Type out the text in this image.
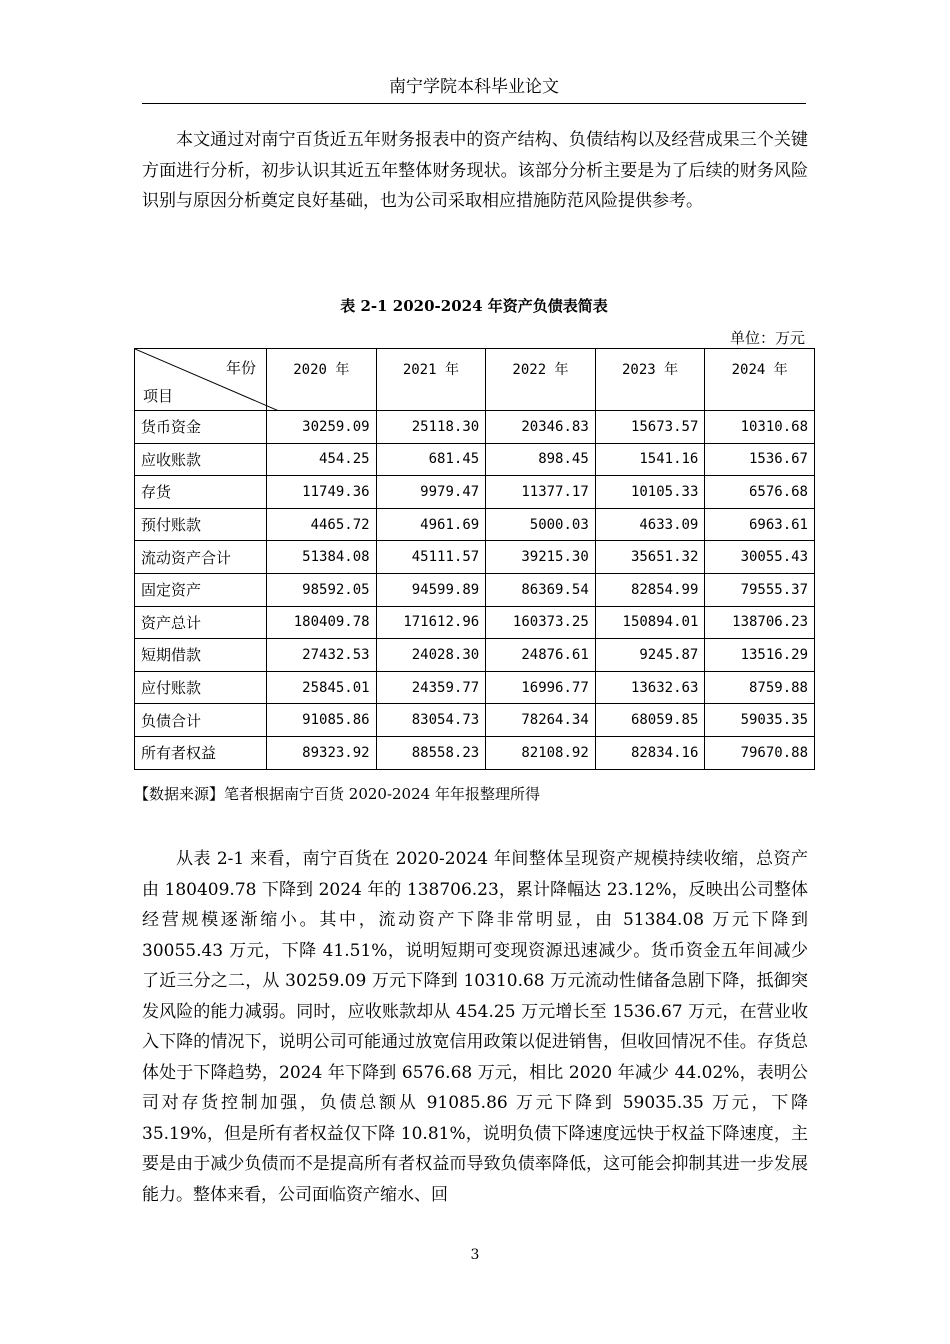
南宁学院本科毕业论文

本文通过对南宁百货近五年财务报表中的资产结构、负债结构以及经营成果三个关键方面进行分析，初步认识其近五年整体财务现状。该部分分析主要是为了后续的财务风险识别与原因分析奠定良好基础，也为公司采取相应措施防范风险提供参考。

表 2-1 2020-2024 年资产负债表简表
单位：万元
年份
项目	2020 年	2021 年	2022 年	2023 年	2024 年
货币资金	30259.09	25118.30	20346.83	15673.57	10310.68
应收账款	454.25	681.45	898.45	1541.16	1536.67
存货	11749.36	9979.47	11377.17	10105.33	6576.68
预付账款	4465.72	4961.69	5000.03	4633.09	6963.61
流动资产合计	51384.08	45111.57	39215.30	35651.32	30055.43
固定资产	98592.05	94599.89	86369.54	82854.99	79555.37
资产总计	180409.78	171612.96	160373.25	150894.01	138706.23
短期借款	27432.53	24028.30	24876.61	9245.87	13516.29
应付账款	25845.01	24359.77	16996.77	13632.63	8759.88
负债合计	91085.86	83054.73	78264.34	68059.85	59035.35
所有者权益	89323.92	88558.23	82108.92	82834.16	79670.88
【数据来源】笔者根据南宁百货 2020-2024 年年报整理所得

从表 2-1 来看，南宁百货在 2020-2024 年间整体呈现资产规模持续收缩，总资产由 180409.78 下降到 2024 年的 138706.23，累计降幅达 23.12%，反映出公司整体经营规模逐渐缩小。其中，流动资产下降非常明显，由 51384.08 万元下降到 30055.43 万元，下降 41.51%，说明短期可变现资源迅速减少。货币资金五年间减少了近三分之二，从 30259.09 万元下降到 10310.68 万元流动性储备急剧下降，抵御突发风险的能力减弱。同时，应收账款却从 454.25 万元增长至 1536.67 万元，在营业收入下降的情况下，说明公司可能通过放宽信用政策以促进销售，但收回情况不佳。存货总体处于下降趋势，2024 年下降到 6576.68 万元，相比 2020 年减少 44.02%，表明公司对存货控制加强，负债总额从 91085.86 万元下降到 59035.35 万元，下降 35.19%，但是所有者权益仅下降 10.81%，说明负债下降速度远快于权益下降速度，主要是由于减少负债而不是提高所有者权益而导致负债率降低，这可能会抑制其进一步发展能力。整体来看，公司面临资产缩水、回

3
